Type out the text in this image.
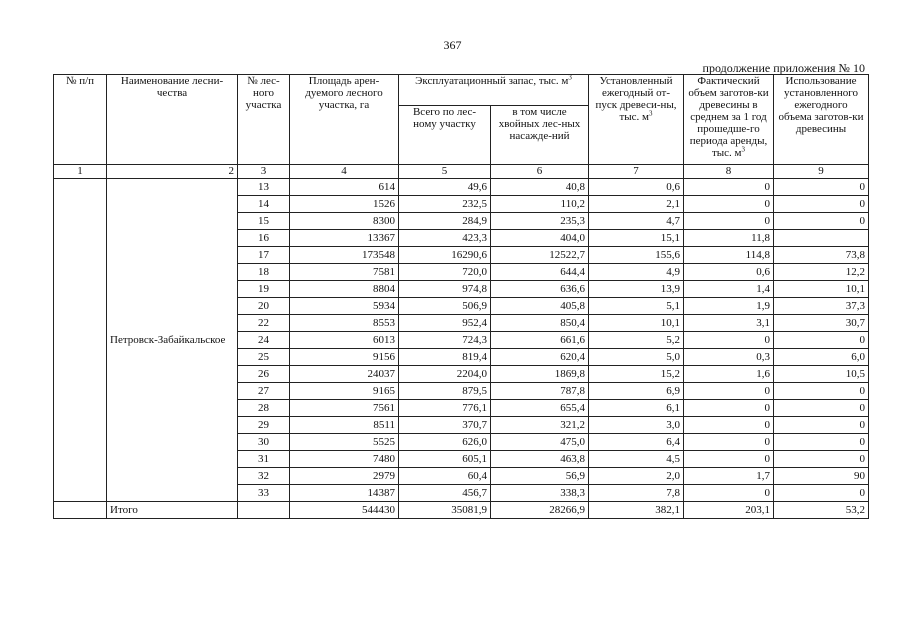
367
продолжение приложения № 10
№ п/п	Наименование лесни-чества	№ лес-ного участка	Площадь арен-дуемого лесного участка, га	Эксплуатационный запас, тыс. $м^3$		Установленный ежегодный от-пуск древеси-ны, тыс. $м^3$	Фактический объем заготов-ки древесины в среднем за 1 год прошедше-го периода аренды, тыс. $м^3$	Использование установленного ежегодного объема заготов-ки древесины
				Всего по лес-ному участку	в том числе хвойных лес-ных насажде-ний			
1	2	3	4	5	6	7	8	9
	Петровск-Забайкальское	13	614	49,6	40,8	0,6	0	0
		14	1526	232,5	110,2	2,1	0	0
		15	8300	284,9	235,3	4,7	0	0
		16	13367	423,3	404,0	15,1	11,8	
		17	173548	16290,6	12522,7	155,6	114,8	73,8
		18	7581	720,0	644,4	4,9	0,6	12,2
		19	8804	974,8	636,6	13,9	1,4	10,1
		20	5934	506,9	405,8	5,1	1,9	37,3
		22	8553	952,4	850,4	10,1	3,1	30,7
		24	6013	724,3	661,6	5,2	0	0
		25	9156	819,4	620,4	5,0	0,3	6,0
		26	24037	2204,0	1869,8	15,2	1,6	10,5
		27	9165	879,5	787,8	6,9	0	0
		28	7561	776,1	655,4	6,1	0	0
		29	8511	370,7	321,2	3,0	0	0
		30	5525	626,0	475,0	6,4	0	0
		31	7480	605,1	463,8	4,5	0	0
		32	2979	60,4	56,9	2,0	1,7	90
		33	14387	456,7	338,3	7,8	0	0
	Итого		544430	35081,9	28266,9	382,1	203,1	53,2
